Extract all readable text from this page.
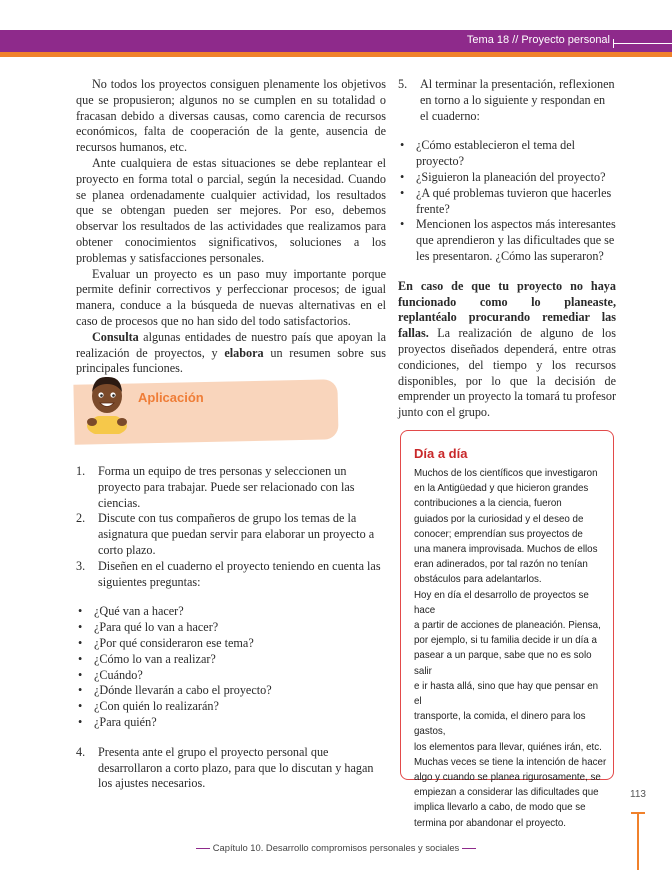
Tema 18 // Proyecto personal

No todos los proyectos consiguen plenamente los objetivos que se propusieron; algunos no se cumplen en su totalidad o fracasan debido a diversas causas, como carencia de recursos económicos, falta de cooperación de la gente, ausencia de recursos humanos, etc.

Ante cualquiera de estas situaciones se debe replantear el proyecto en forma total o parcial, según la necesidad. Cuando se planea ordenadamente cualquier actividad, los resultados que se obtengan pueden ser mejores. Por eso, debemos observar los resultados de las actividades que realizamos para obtener conocimientos significativos, soluciones a los problemas y satisfacciones personales.

Evaluar un proyecto es un paso muy importante porque permite definir correctivos y perfeccionar procesos; de igual manera, conduce a la búsqueda de nuevas alternativas en el caso de procesos que no han sido del todo satisfactorios.

Consulta algunas entidades de nuestro país que apoyan la realización de proyectos, y elabora un resumen sobre sus principales funciones.

Aplicación
1. Forma un equipo de tres personas y seleccionen un proyecto para trabajar. Puede ser relacionado con las ciencias.
2. Discute con tus compañeros de grupo los temas de la asignatura que puedan servir para elaborar un proyecto a corto plazo.
3. Diseñen en el cuaderno el proyecto teniendo en cuenta las siguientes preguntas:
• ¿Qué van a hacer?
• ¿Para qué lo van a hacer?
• ¿Por qué consideraron ese tema?
• ¿Cómo lo van a realizar?
• ¿Cuándo?
• ¿Dónde llevarán a cabo el proyecto?
• ¿Con quién lo realizarán?
• ¿Para quién?
4. Presenta ante el grupo el proyecto personal que desarrollaron a corto plazo, para que lo discutan y hagan los ajustes necesarios.
5. Al terminar la presentación, reflexionen en torno a lo siguiente y respondan en el cuaderno:
• ¿Cómo establecieron el tema del proyecto?
• ¿Siguieron la planeación del proyecto?
• ¿A qué problemas tuvieron que hacerles frente?
• Mencionen los aspectos más interesantes que aprendieron y las dificultades que se les presentaron. ¿Cómo las superaron?

En caso de que tu proyecto no haya funcionado como lo planeaste, replantéalo procurando remediar las fallas. La realización de alguno de los proyectos diseñados dependerá, entre otras condiciones, del tiempo y los recursos disponibles, por lo que la decisión de emprender un proyecto la tomará tu profesor junto con el grupo.

Día a día
Muchos de los científicos que investigaron
en la Antigüedad y que hicieron grandes
contribuciones a la ciencia, fueron
guiados por la curiosidad y el deseo de
conocer; emprendían sus proyectos de
una manera improvisada. Muchos de ellos
eran adinerados, por tal razón no tenían
obstáculos para adelantarlos.
Hoy en día el desarrollo de proyectos se hace
a partir de acciones de planeación. Piensa,
por ejemplo, si tu familia decide ir un día a
pasear a un parque, sabe que no es solo salir
e ir hasta allá, sino que hay que pensar en el
transporte, la comida, el dinero para los gastos,
los elementos para llevar, quiénes irán, etc.
Muchas veces se tiene la intención de hacer
algo y cuando se planea rigurosamente, se
empiezan a considerar las dificultades que
implica llevarlo a cabo, de modo que se
termina por abandonar el proyecto.
113
Capítulo 10. Desarrollo compromisos personales y sociales
